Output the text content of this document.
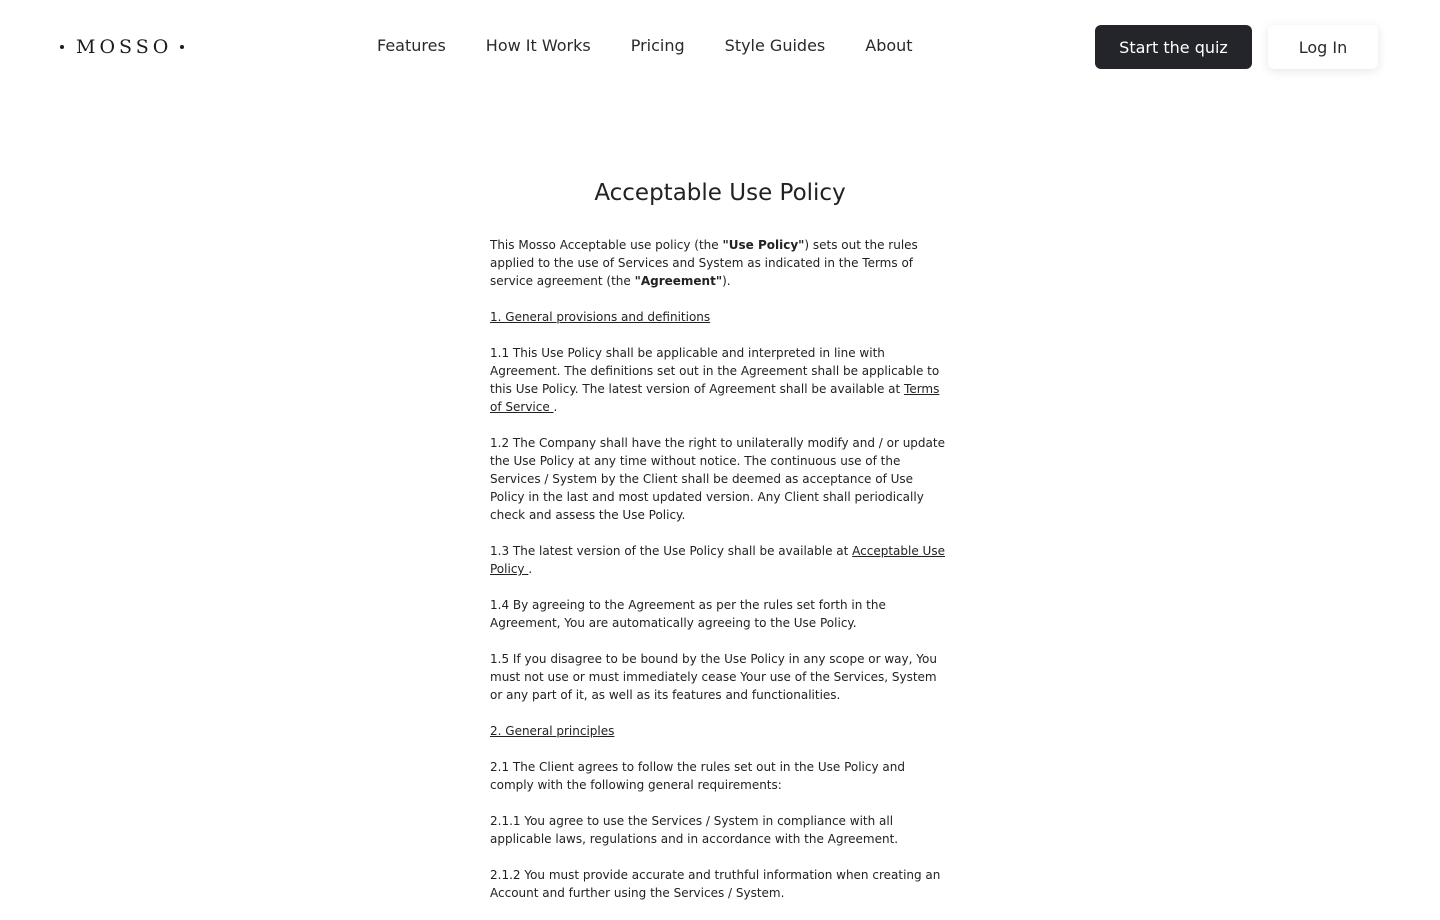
MOSSO	Features	How It Works	Pricing	Style Guides	About	Start the quiz	Log In
Acceptable Use Policy

This Mosso Acceptable use policy (the "Use Policy") sets out the rules applied to the use of Services and System as indicated in the Terms of service agreement (the "Agreement").

1. General provisions and definitions

1.1 This Use Policy shall be applicable and interpreted in line with Agreement. The definitions set out in the Agreement shall be applicable to this Use Policy. The latest version of Agreement shall be available at Terms of Service .

1.2 The Company shall have the right to unilaterally modify and / or update the Use Policy at any time without notice. The continuous use of the Services / System by the Client shall be deemed as acceptance of Use Policy in the last and most updated version. Any Client shall periodically check and assess the Use Policy.

1.3 The latest version of the Use Policy shall be available at Acceptable Use Policy .

1.4 By agreeing to the Agreement as per the rules set forth in the Agreement, You are automatically agreeing to the Use Policy.

1.5 If you disagree to be bound by the Use Policy in any scope or way, You must not use or must immediately cease Your use of the Services, System or any part of it, as well as its features and functionalities.

2. General principles

2.1 The Client agrees to follow the rules set out in the Use Policy and comply with the following general requirements:

2.1.1 You agree to use the Services / System in compliance with all applicable laws, regulations and in accordance with the Agreement.

2.1.2 You must provide accurate and truthful information when creating an Account and further using the Services / System.
